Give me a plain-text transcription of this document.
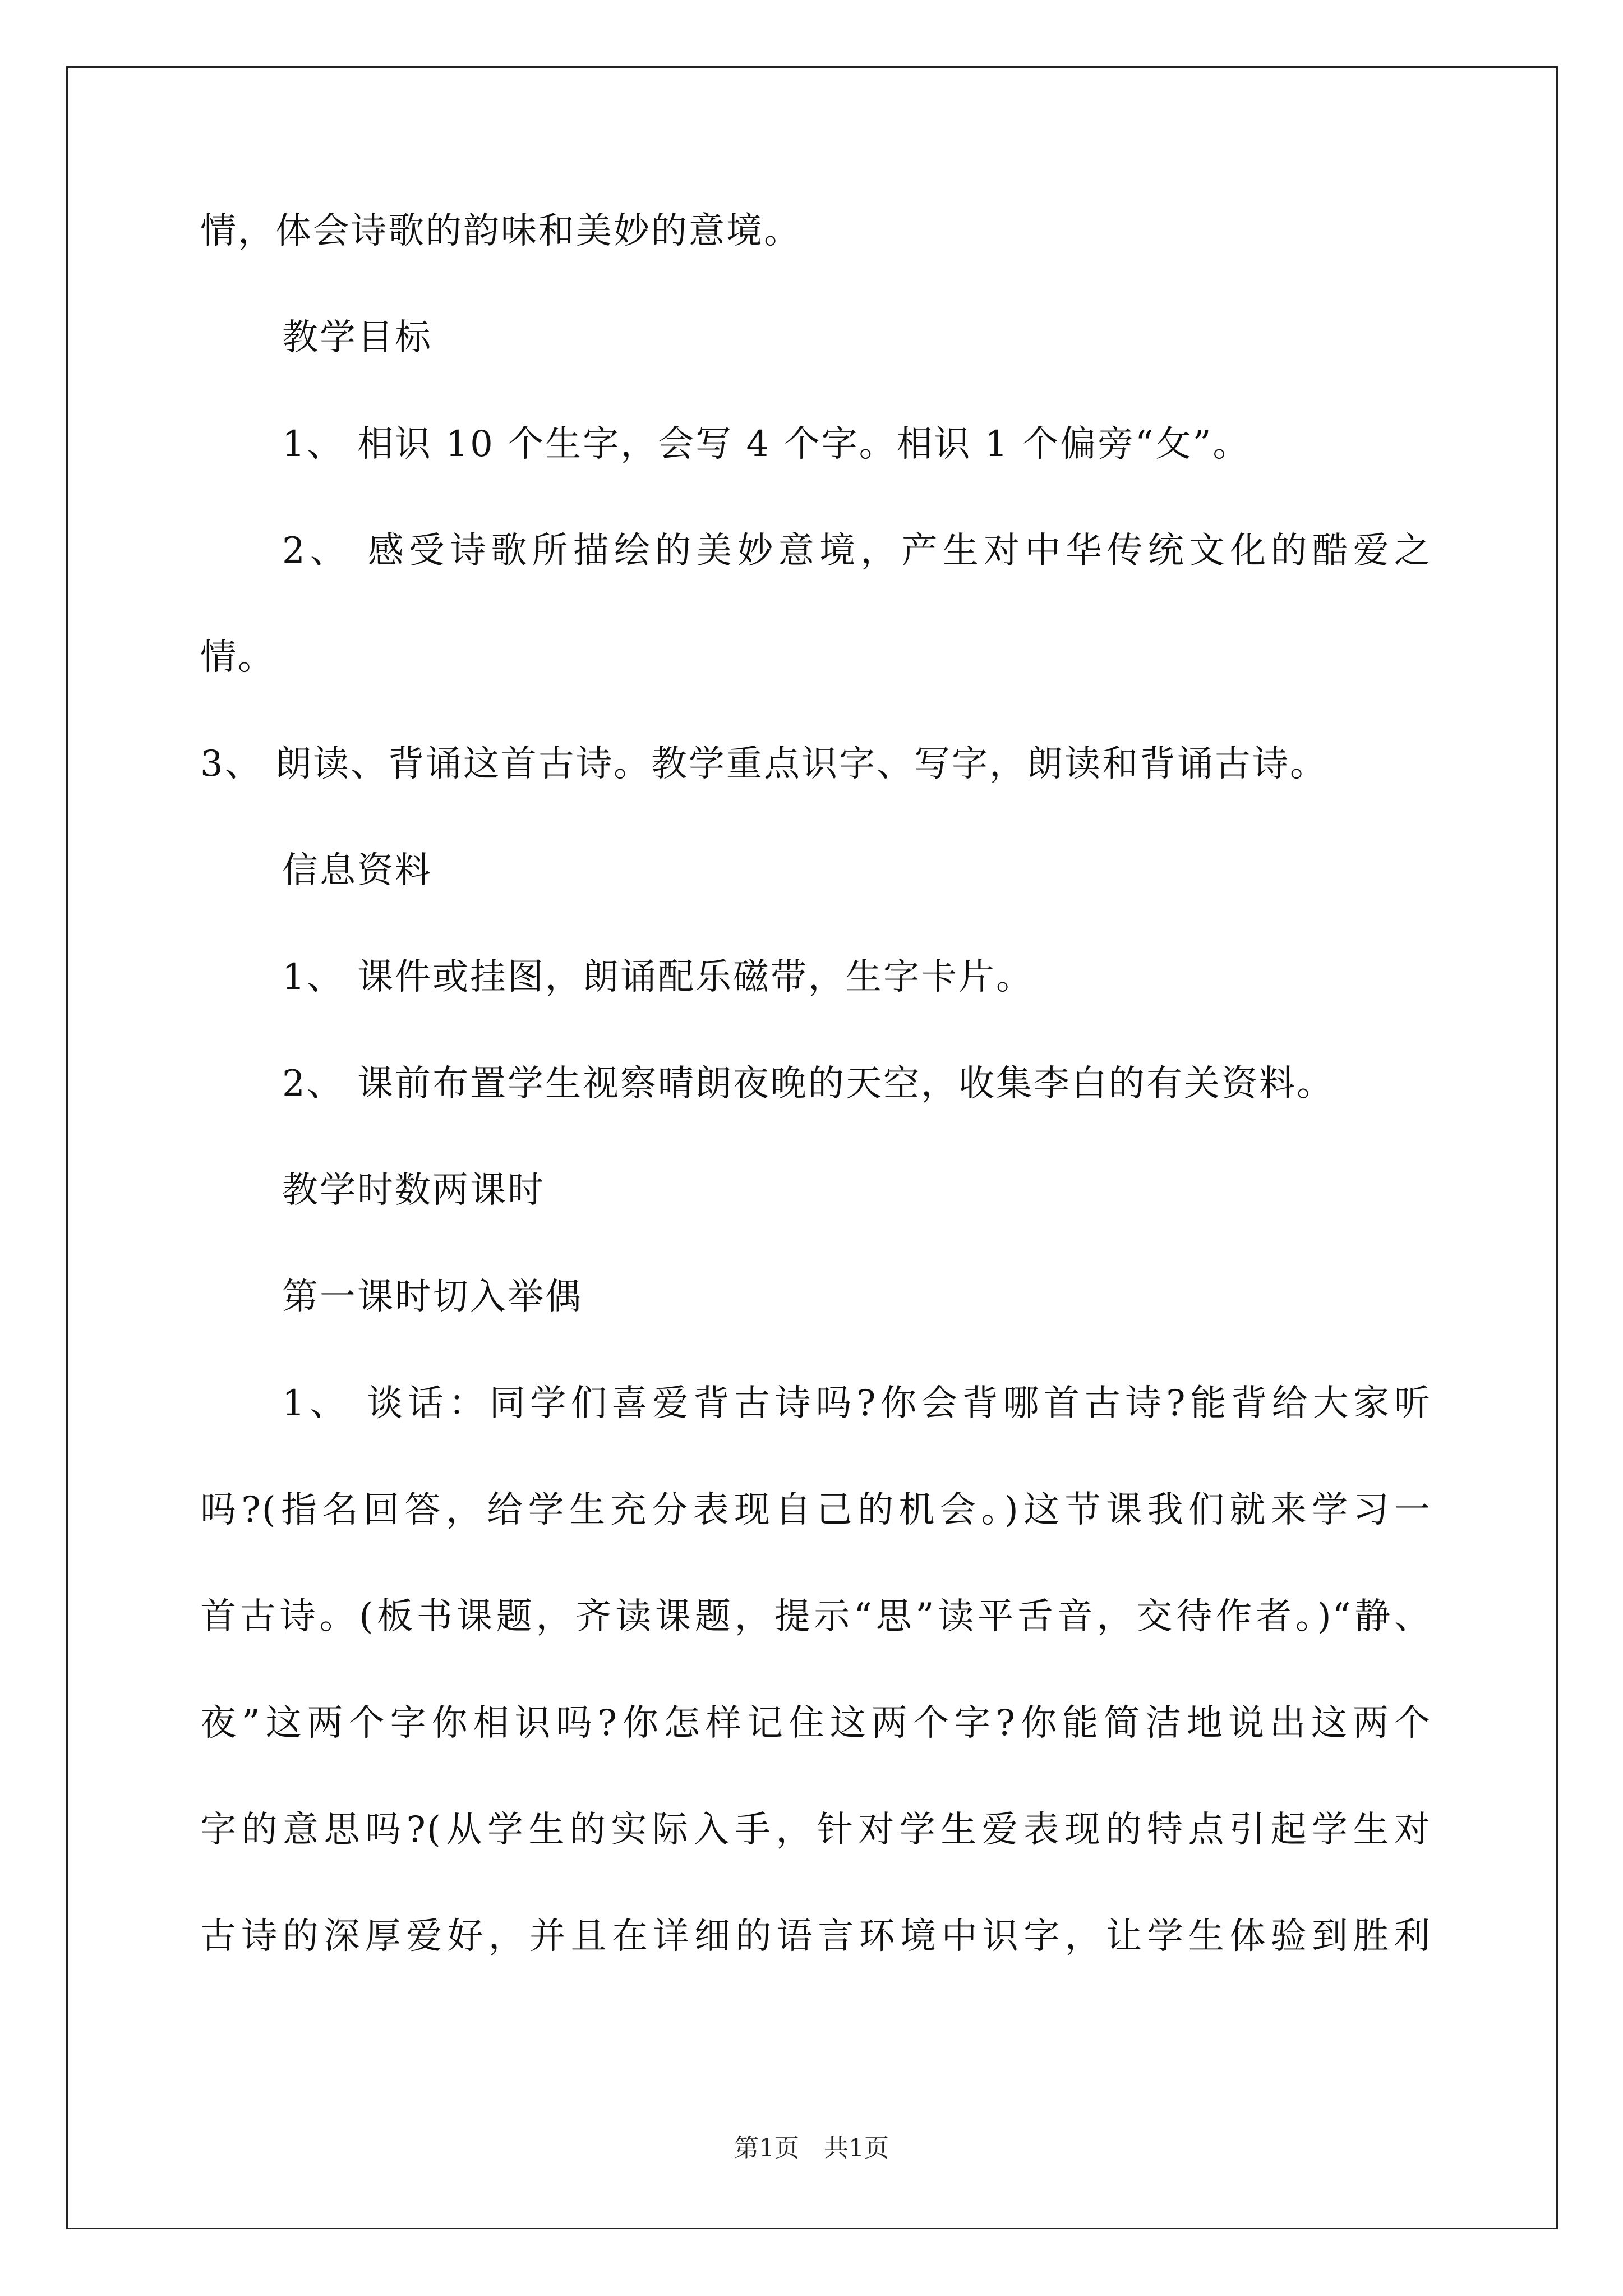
情，体会诗歌的韵味和美妙的意境。
教学目标
1、 相识 10 个生字，会写 4 个字。相识 1 个偏旁“攵”。
2、 感受诗歌所描绘的美妙意境，产生对中华传统文化的酷爱之
情。
3、 朗读、背诵这首古诗。教学重点识字、写字，朗读和背诵古诗。
信息资料
1、 课件或挂图，朗诵配乐磁带，生字卡片。
2、 课前布置学生视察晴朗夜晚的天空，收集李白的有关资料。
教学时数两课时
第一课时切入举偶
1、 谈话：同学们喜爱背古诗吗?你会背哪首古诗?能背给大家听
吗?(指名回答，给学生充分表现自己的机会。)这节课我们就来学习一
首古诗。(板书课题，齐读课题，提示“思”读平舌音，交待作者。)“静、
夜”这两个字你相识吗?你怎样记住这两个字?你能简洁地说出这两个
字的意思吗?(从学生的实际入手，针对学生爱表现的特点引起学生对
古诗的深厚爱好，并且在详细的语言环境中识字，让学生体验到胜利
第1页　共1页
